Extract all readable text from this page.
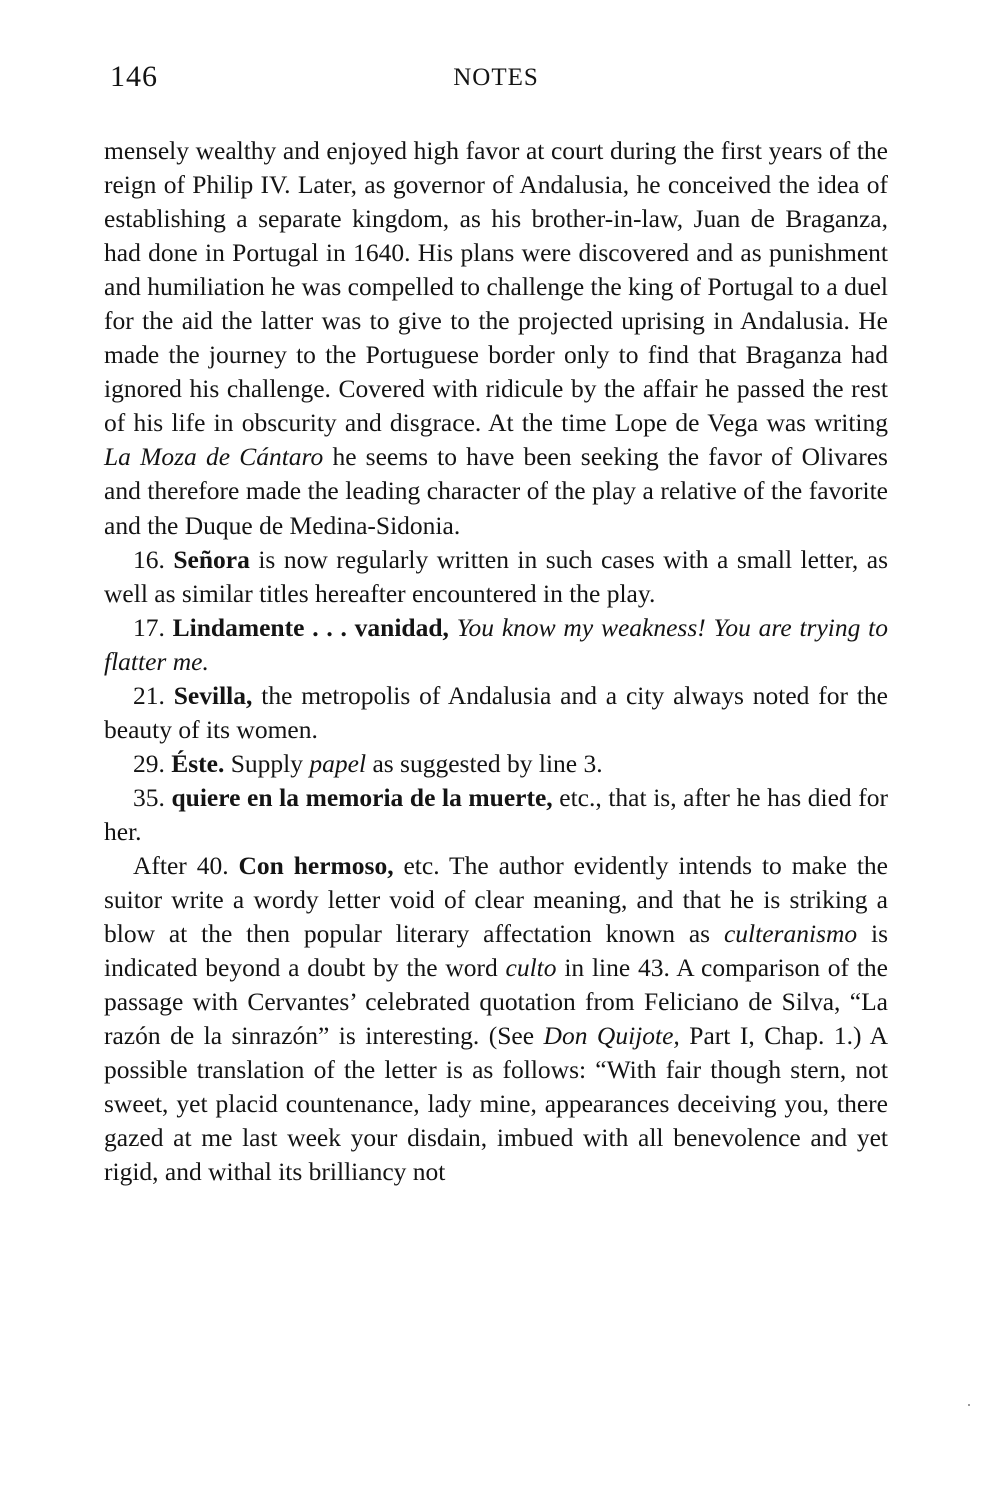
146	NOTES

mensely wealthy and enjoyed high favor at court during the first years of the reign of Philip IV. Later, as governor of Andalusia, he conceived the idea of establishing a separate kingdom, as his brother-in-law, Juan de Braganza, had done in Portugal in 1640. His plans were discovered and as punishment and humiliation he was compelled to challenge the king of Portugal to a duel for the aid the latter was to give to the projected uprising in Andalusia. He made the journey to the Portuguese border only to find that Braganza had ignored his challenge. Covered with ridicule by the affair he passed the rest of his life in obscurity and disgrace. At the time Lope de Vega was writing La Moza de Cántaro he seems to have been seeking the favor of Olivares and therefore made the leading character of the play a relative of the favorite and the Duque de Medina-Sidonia.

16. Señora is now regularly written in such cases with a small letter, as well as similar titles hereafter encountered in the play.

17. Lindamente . . . vanidad, You know my weakness! You are trying to flatter me.

21. Sevilla, the metropolis of Andalusia and a city always noted for the beauty of its women.

29. Éste. Supply papel as suggested by line 3.

35. quiere en la memoria de la muerte, etc., that is, after he has died for her.

After 40. Con hermoso, etc. The author evidently intends to make the suitor write a wordy letter void of clear meaning, and that he is striking a blow at the then popular literary affectation known as culteranismo is indicated beyond a doubt by the word culto in line 43. A comparison of the passage with Cervantes’ celebrated quotation from Feliciano de Silva, “La razón de la sinrazón” is interesting. (See Don Quijote, Part I, Chap. 1.) A possible translation of the letter is as follows: “With fair though stern, not sweet, yet placid countenance, lady mine, appearances deceiving you, there gazed at me last week your disdain, imbued with all benevolence and yet rigid, and withal its brilliancy not
